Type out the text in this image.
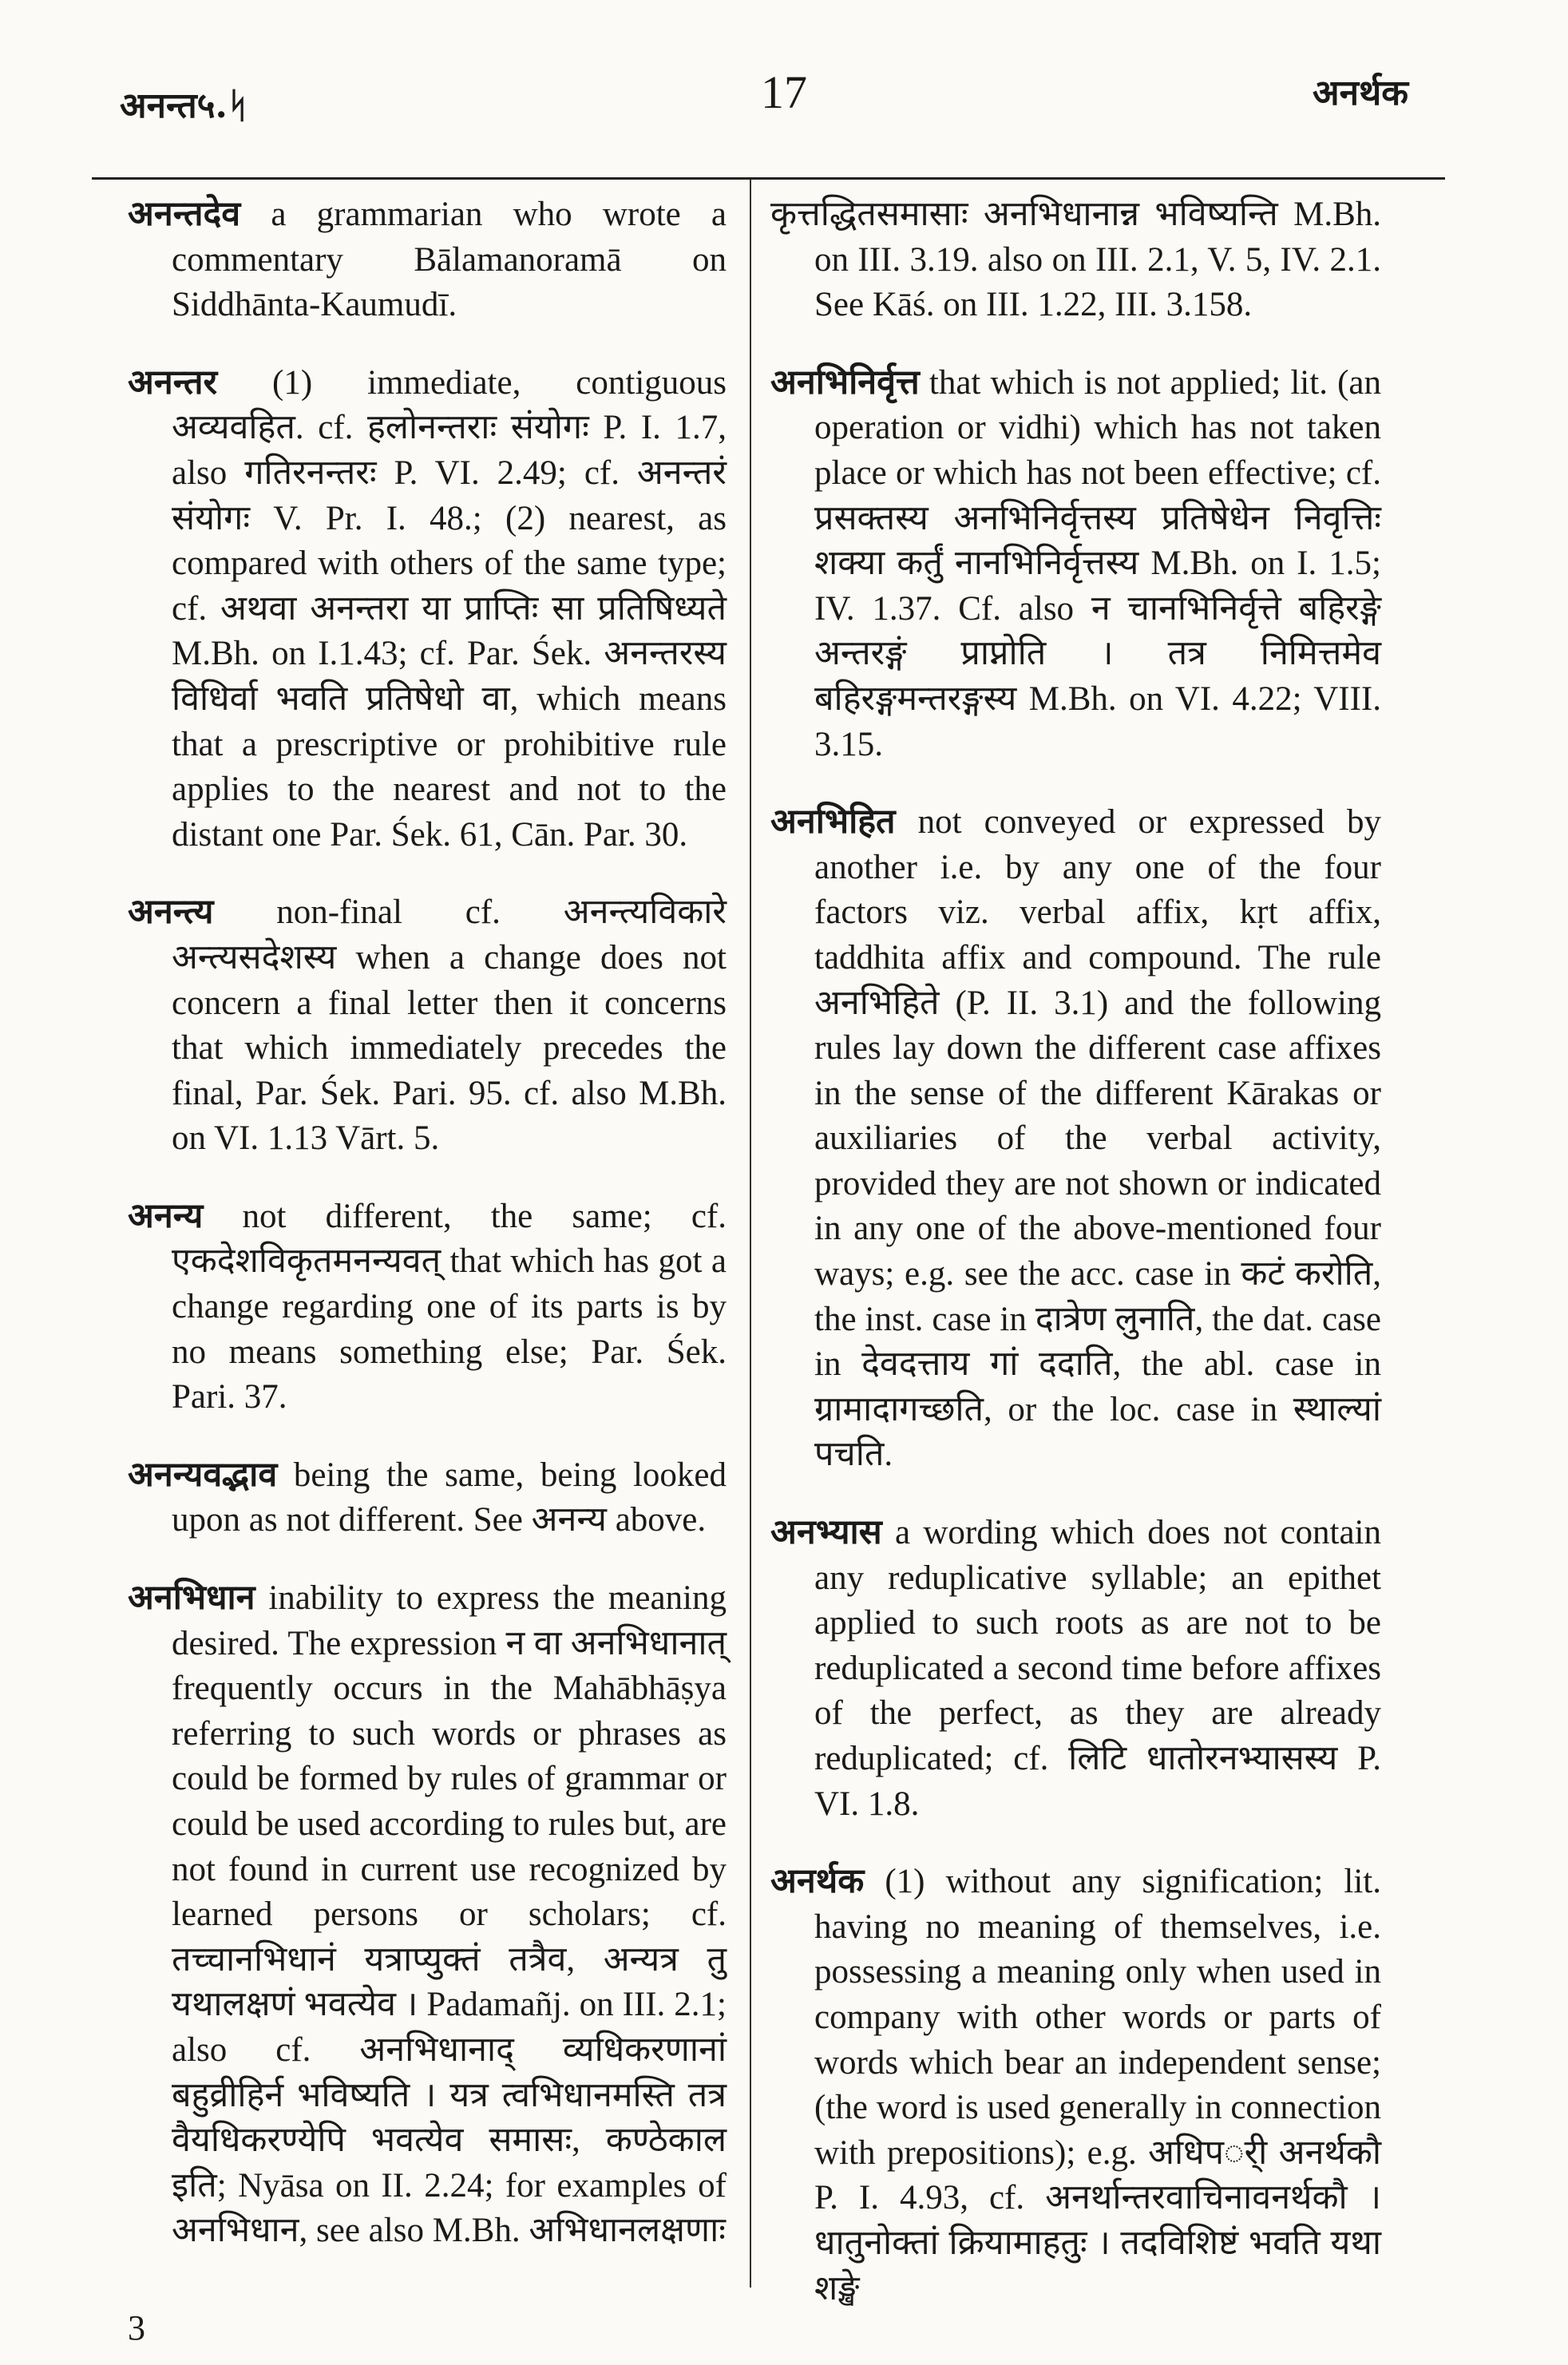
अनन्त५.ᛋ	17	अनर्थक

अनन्तदेव a grammarian who wrote a commentary Bālamanoramā on Siddhānta-Kaumudī.

अनन्तर (1) immediate, contiguous अव्यवहित. cf. हलोनन्तराः संयोगः P. I. 1.7, also गतिरनन्तरः P. VI. 2.49; cf. अनन्तरं संयोगः V. Pr. I. 48.; (2) nearest, as compared with others of the same type; cf. अथवा अनन्तरा या प्राप्तिः सा प्रतिषिध्यते M.Bh. on I.1.43; cf. Par. Śek. अनन्तरस्य विधिर्वा भवति प्रतिषेधो वा, which means that a prescriptive or prohibitive rule applies to the nearest and not to the distant one Par. Śek. 61, Cān. Par. 30.

अनन्त्य non-final cf. अनन्त्यविकारे अन्त्यसदेशस्य when a change does not concern a final letter then it concerns that which immediately precedes the final, Par. Śek. Pari. 95. cf. also M.Bh. on VI. 1.13 Vārt. 5.

अनन्य not different, the same; cf. एकदेशविकृतमनन्यवत् that which has got a change regarding one of its parts is by no means something else; Par. Śek. Pari. 37.

अनन्यवद्भाव being the same, being looked upon as not different. See अनन्य above.

अनभिधान inability to express the meaning desired. The expression न वा अनभिधानात् frequently occurs in the Mahābhāṣya referring to such words or phrases as could be formed by rules of grammar or could be used according to rules but, are not found in current use recognized by learned persons or scholars; cf. तच्चानभिधानं यत्राप्युक्तं तत्रैव, अन्यत्र तु यथालक्षणं भवत्येव । Padamañj. on III. 2.1; also cf. अनभिधानाद् व्यधिकरणानां बहुव्रीहिर्न भविष्यति । यत्र त्वभिधानमस्ति तत्र वैयधिकरण्येपि भवत्येव समासः, कण्ठेकाल इति; Nyāsa on II. 2.24; for examples of अनभिधान, see also M.Bh. अभिधानलक्षणाः

कृत्तद्धितसमासाः अनभिधानान्न भविष्यन्ति M.Bh. on III. 3.19. also on III. 2.1, V. 5, IV. 2.1. See Kāś. on III. 1.22, III. 3.158.

अनभिनिर्वृत्त that which is not applied; lit. (an operation or vidhi) which has not taken place or which has not been effective; cf. प्रसक्तस्य अनभिनिर्वृत्तस्य प्रतिषेधेन निवृत्तिः शक्या कर्तुं नानभिनिर्वृत्तस्य M.Bh. on I. 1.5; IV. 1.37. Cf. also न चानभिनिर्वृत्ते बहिरङ्गे अन्तरङ्गं प्राप्नोति । तत्र निमित्तमेव बहिरङ्गमन्तरङ्गस्य M.Bh. on VI. 4.22; VIII. 3.15.

अनभिहित not conveyed or expressed by another i.e. by any one of the four factors viz. verbal affix, kṛt affix, taddhita affix and compound. The rule अनभिहिते (P. II. 3.1) and the following rules lay down the different case affixes in the sense of the different Kārakas or auxiliaries of the verbal activity, provided they are not shown or indicated in any one of the above-mentioned four ways; e.g. see the acc. case in कटं करोति, the inst. case in दात्रेण लुनाति, the dat. case in देवदत्ताय गां ददाति, the abl. case in ग्रामादागच्छति, or the loc. case in स्थाल्यां पचति.

अनभ्यास a wording which does not contain any reduplicative syllable; an epithet applied to such roots as are not to be reduplicated a second time before affixes of the perfect, as they are already reduplicated; cf. लिटि धातोरनभ्यासस्य P. VI. 1.8.

अनर्थक (1) without any signification; lit. having no meaning of themselves, i.e. possessing a meaning only when used in company with other words or parts of words which bear an independent sense; (the word is used generally in connection with prepositions); e.g. अधिपर्ी अनर्थकौ P. I. 4.93, cf. अनर्थान्तरवाचिनावनर्थकौ । धातुनोक्तां क्रियामाहतुः । तदविशिष्टं भवति यथा शङ्खे

3
